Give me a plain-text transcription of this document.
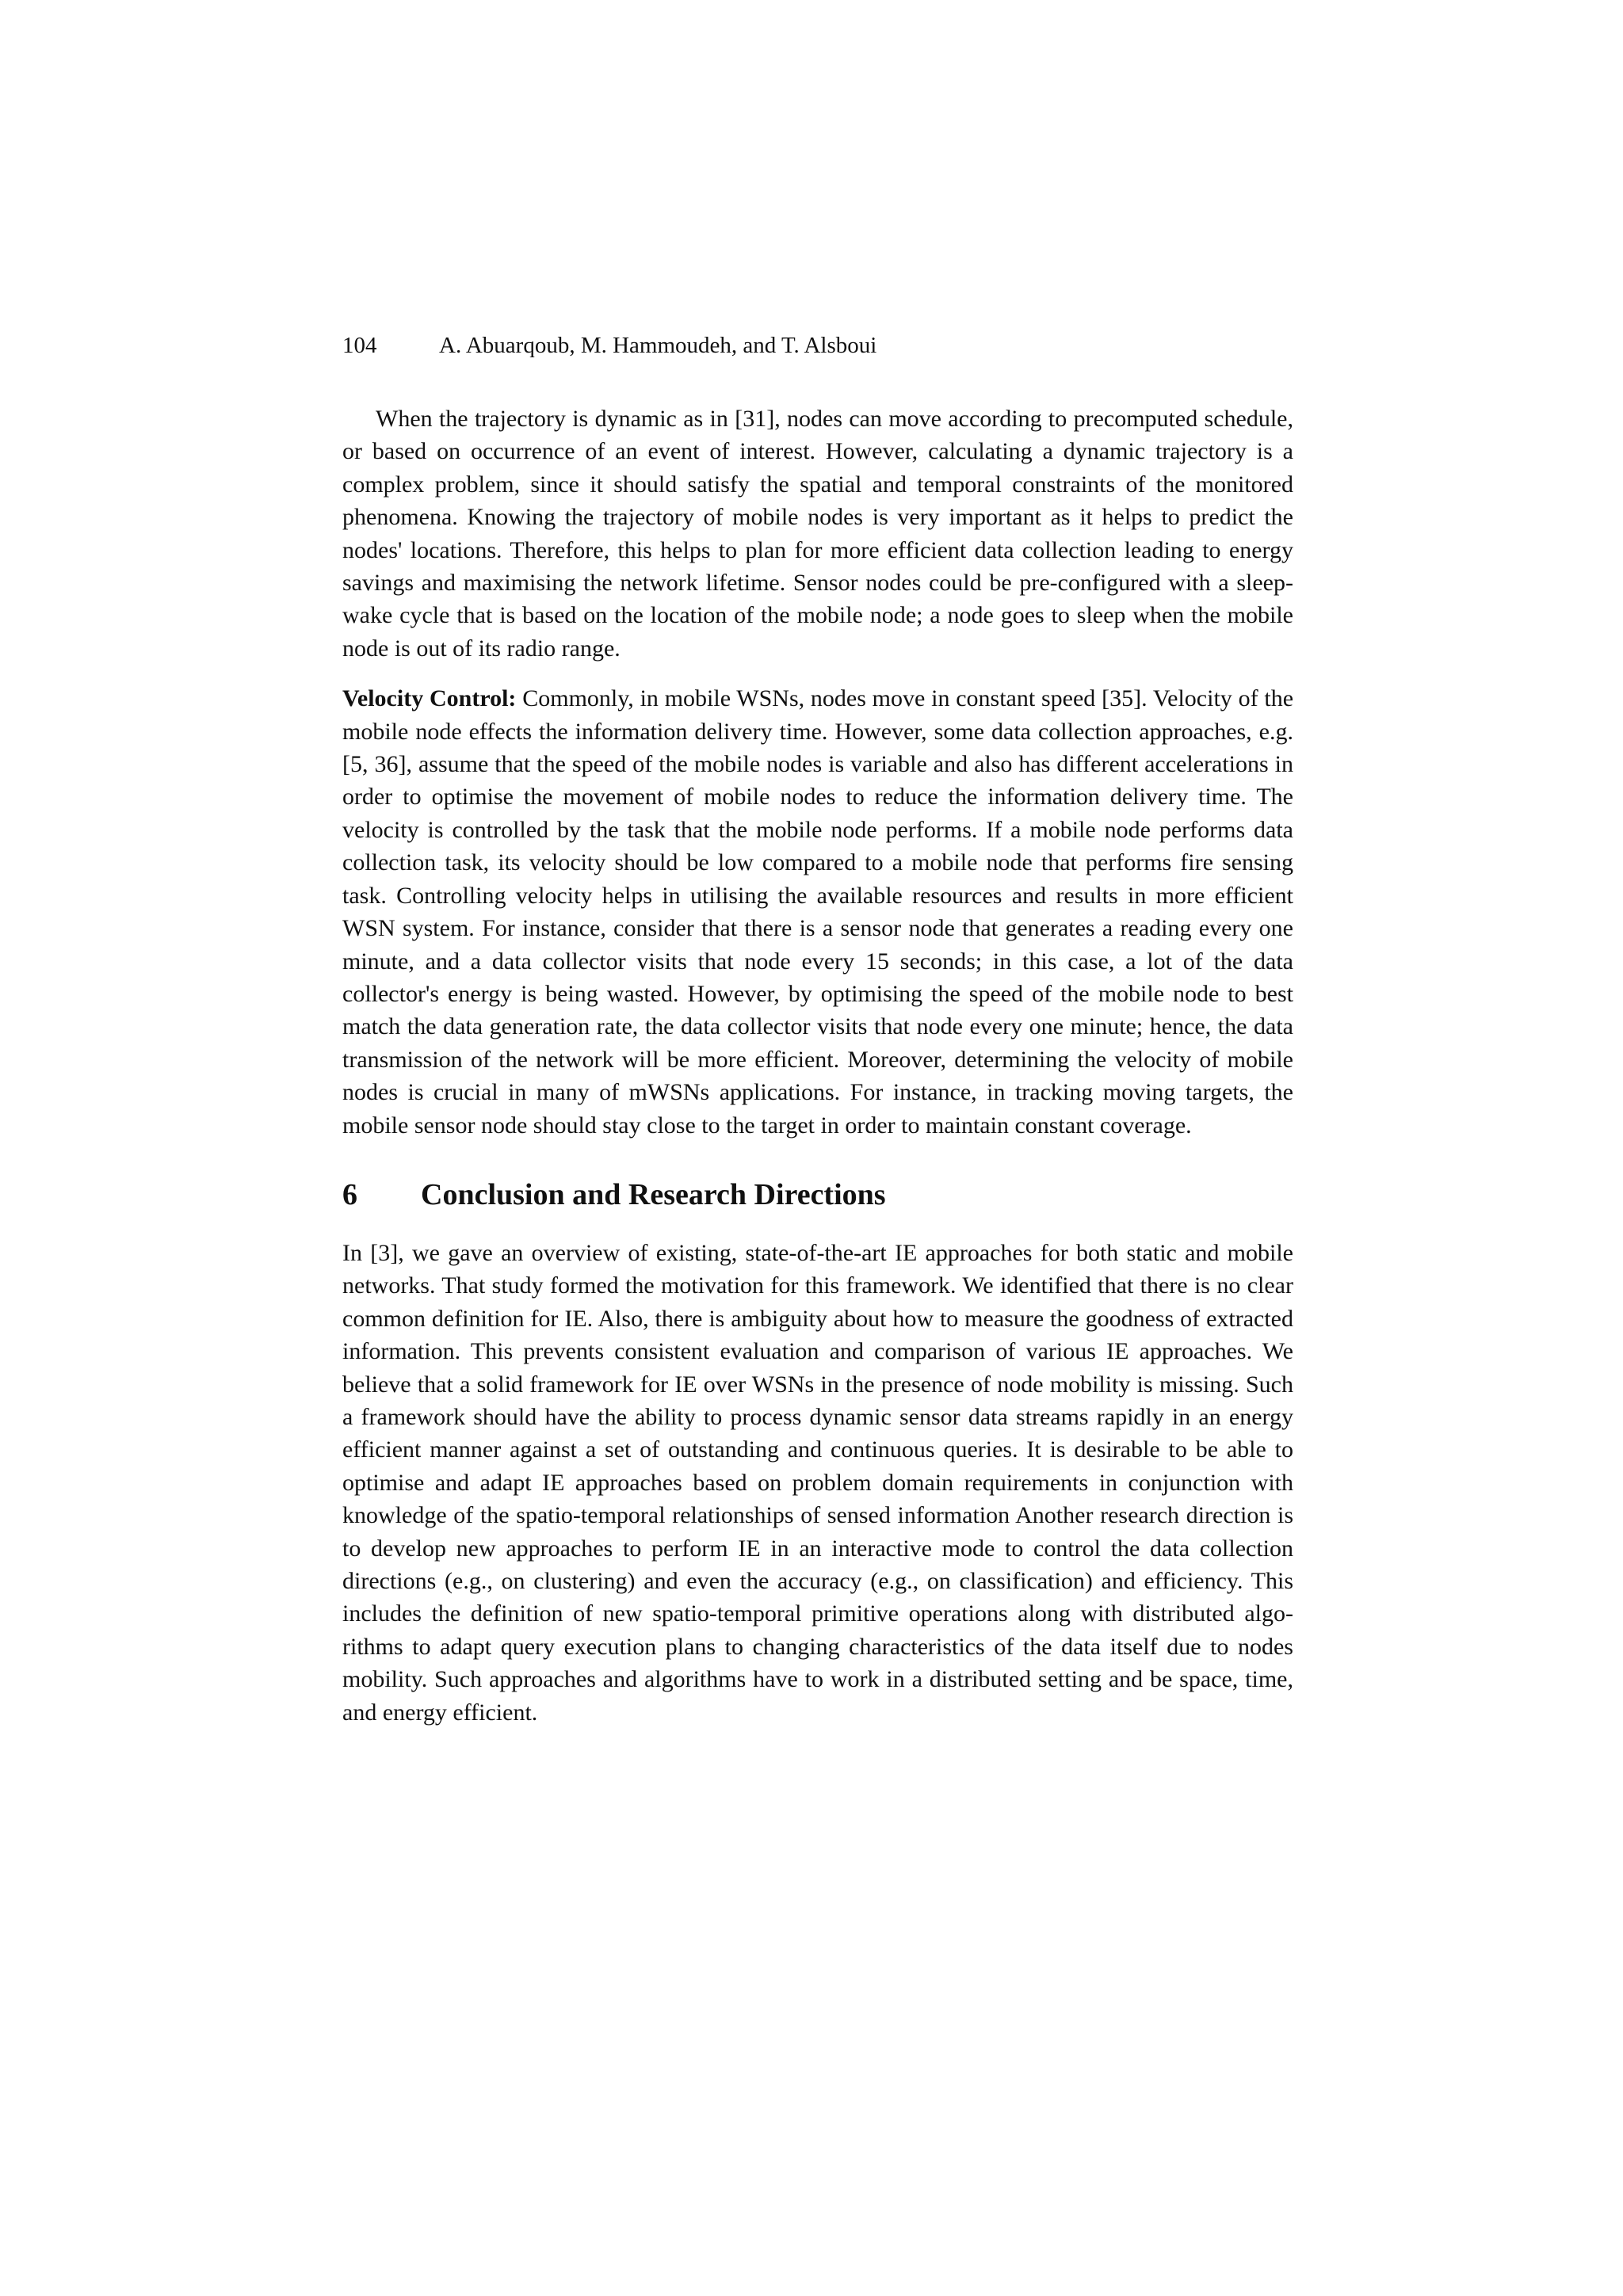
104	A. Abuarqoub, M. Hammoudeh, and T. Alsboui

When the trajectory is dynamic as in [31], nodes can move according to precomputed schedule, or based on occurrence of an event of interest. However, calculating a dynamic trajectory is a complex problem, since it should satisfy the spatial and temporal constraints of the monitored phenomena. Knowing the trajectory of mobile nodes is very important as it helps to predict the nodes' locations. Therefore, this helps to plan for more efficient data collection leading to energy savings and maximising the network lifetime. Sensor nodes could be pre-configured with a sleep-wake cycle that is based on the location of the mobile node; a node goes to sleep when the mobile node is out of its radio range.

Velocity Control: Commonly, in mobile WSNs, nodes move in constant speed [35]. Velocity of the mobile node effects the information delivery time. However, some data collection approaches, e.g. [5, 36], assume that the speed of the mobile nodes is variable and also has different accelerations in order to optimise the movement of mobile nodes to reduce the information delivery time. The velocity is controlled by the task that the mobile node performs. If a mobile node performs data collection task, its velocity should be low compared to a mobile node that performs fire sensing task. Controlling velocity helps in utilising the available resources and results in more efficient WSN system. For instance, consider that there is a sensor node that generates a reading every one minute, and a data collector visits that node every 15 seconds; in this case, a lot of the data collector's energy is being wasted. However, by optimising the speed of the mobile node to best match the data generation rate, the data collector visits that node every one minute; hence, the data transmission of the network will be more efficient. Moreover, determining the velocity of mobile nodes is crucial in many of mWSNs applications. For instance, in tracking moving targets, the mobile sensor node should stay close to the target in order to maintain constant coverage.

6 Conclusion and Research Directions

In [3], we gave an overview of existing, state-of-the-art IE approaches for both static and mobile networks. That study formed the motivation for this framework. We identified that there is no clear common definition for IE. Also, there is ambiguity about how to measure the goodness of extracted information. This prevents consistent evaluation and comparison of various IE approaches. We believe that a solid framework for IE over WSNs in the presence of node mobility is missing. Such a framework should have the ability to process dynamic sensor data streams rapidly in an energy efficient manner against a set of outstanding and continuous queries. It is desirable to be able to optimise and adapt IE approaches based on problem domain requirements in conjunction with knowledge of the spatio-temporal relationships of sensed information Another research direction is to develop new approaches to perform IE in an interactive mode to control the data collection directions (e.g., on clustering) and even the accuracy (e.g., on classification) and efficiency. This includes the definition of new spatio-temporal primitive operations along with distributed algorithms to adapt query execution plans to changing characteristics of the data itself due to nodes mobility. Such approaches and algorithms have to work in a distributed setting and be space, time, and energy efficient.
